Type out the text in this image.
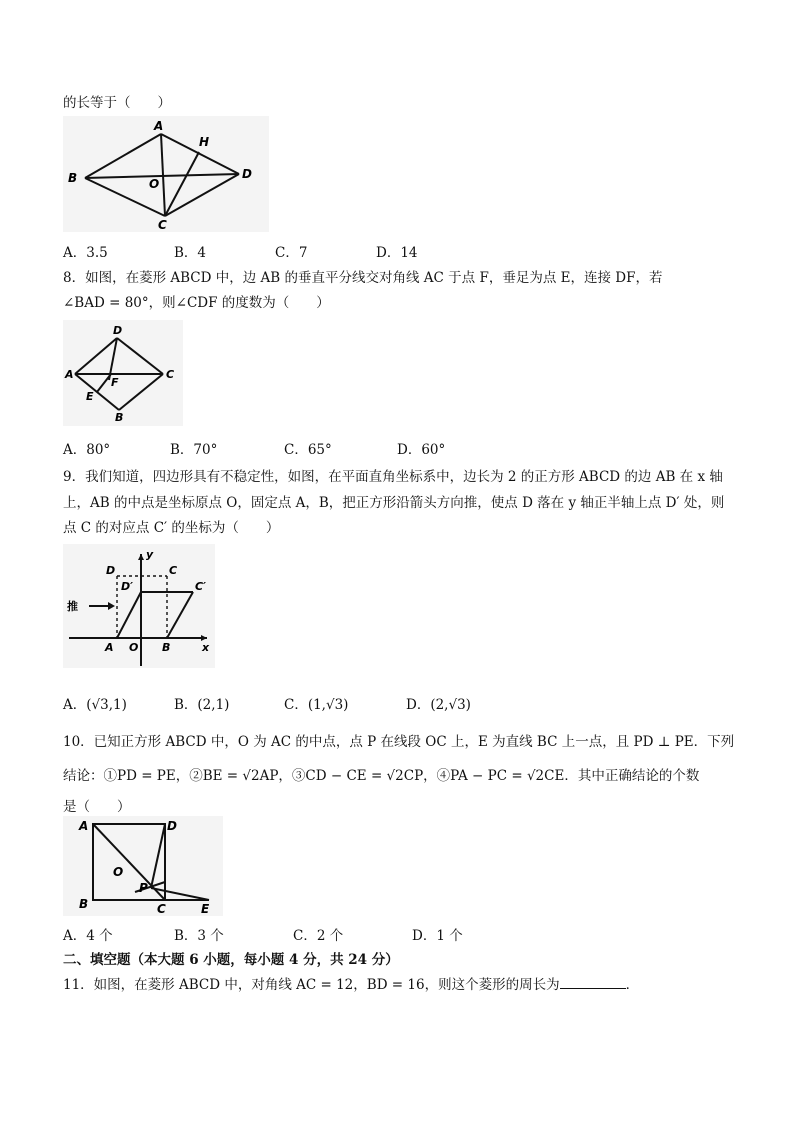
的长等于（　　）
A
H
B	O
D
C
A．3.5	B．4	C．7	D．14
8．如图，在菱形 ABCD 中，边 AB 的垂直平分线交对角线 AC 于点 F，垂足为点 E，连接 DF，若
∠BAD = 80°，则∠CDF 的度数为（　　）
D
A
F
C
E
B
A．80°	B．70°	C．65°	D．60°
9．我们知道，四边形具有不稳定性，如图，在平面直角坐标系中，边长为 2 的正方形 ABCD 的边 AB 在 x 轴
上，AB 的中点是坐标原点 O，固定点 A，B，把正方形沿箭头方向推，使点 D 落在 y 轴正半轴上点 D′ 处，则
点 C 的对应点 C′ 的坐标为（　　）
y
D	C
D′	C′
推
A O B	x
A．(√3,1)	B．(2,1)	C．(1,√3)	D．(2,√3)
10．已知正方形 ABCD 中，O 为 AC 的中点，点 P 在线段 OC 上，E 为直线 BC 上一点，且 PD ⊥ PE．下列
结论：①PD = PE，②BE = √2AP，③CD − CE = √2CP，④PA − PC = √2CE．其中正确结论的个数
是（　　）
A	D
O
P
B	C	E
A．4 个	B．3 个	C．2 个	D．1 个
二、填空题（本大题 6 小题，每小题 4 分，共 24 分）
11．如图，在菱形 ABCD 中，对角线 AC = 12，BD = 16，则这个菱形的周长为	．
